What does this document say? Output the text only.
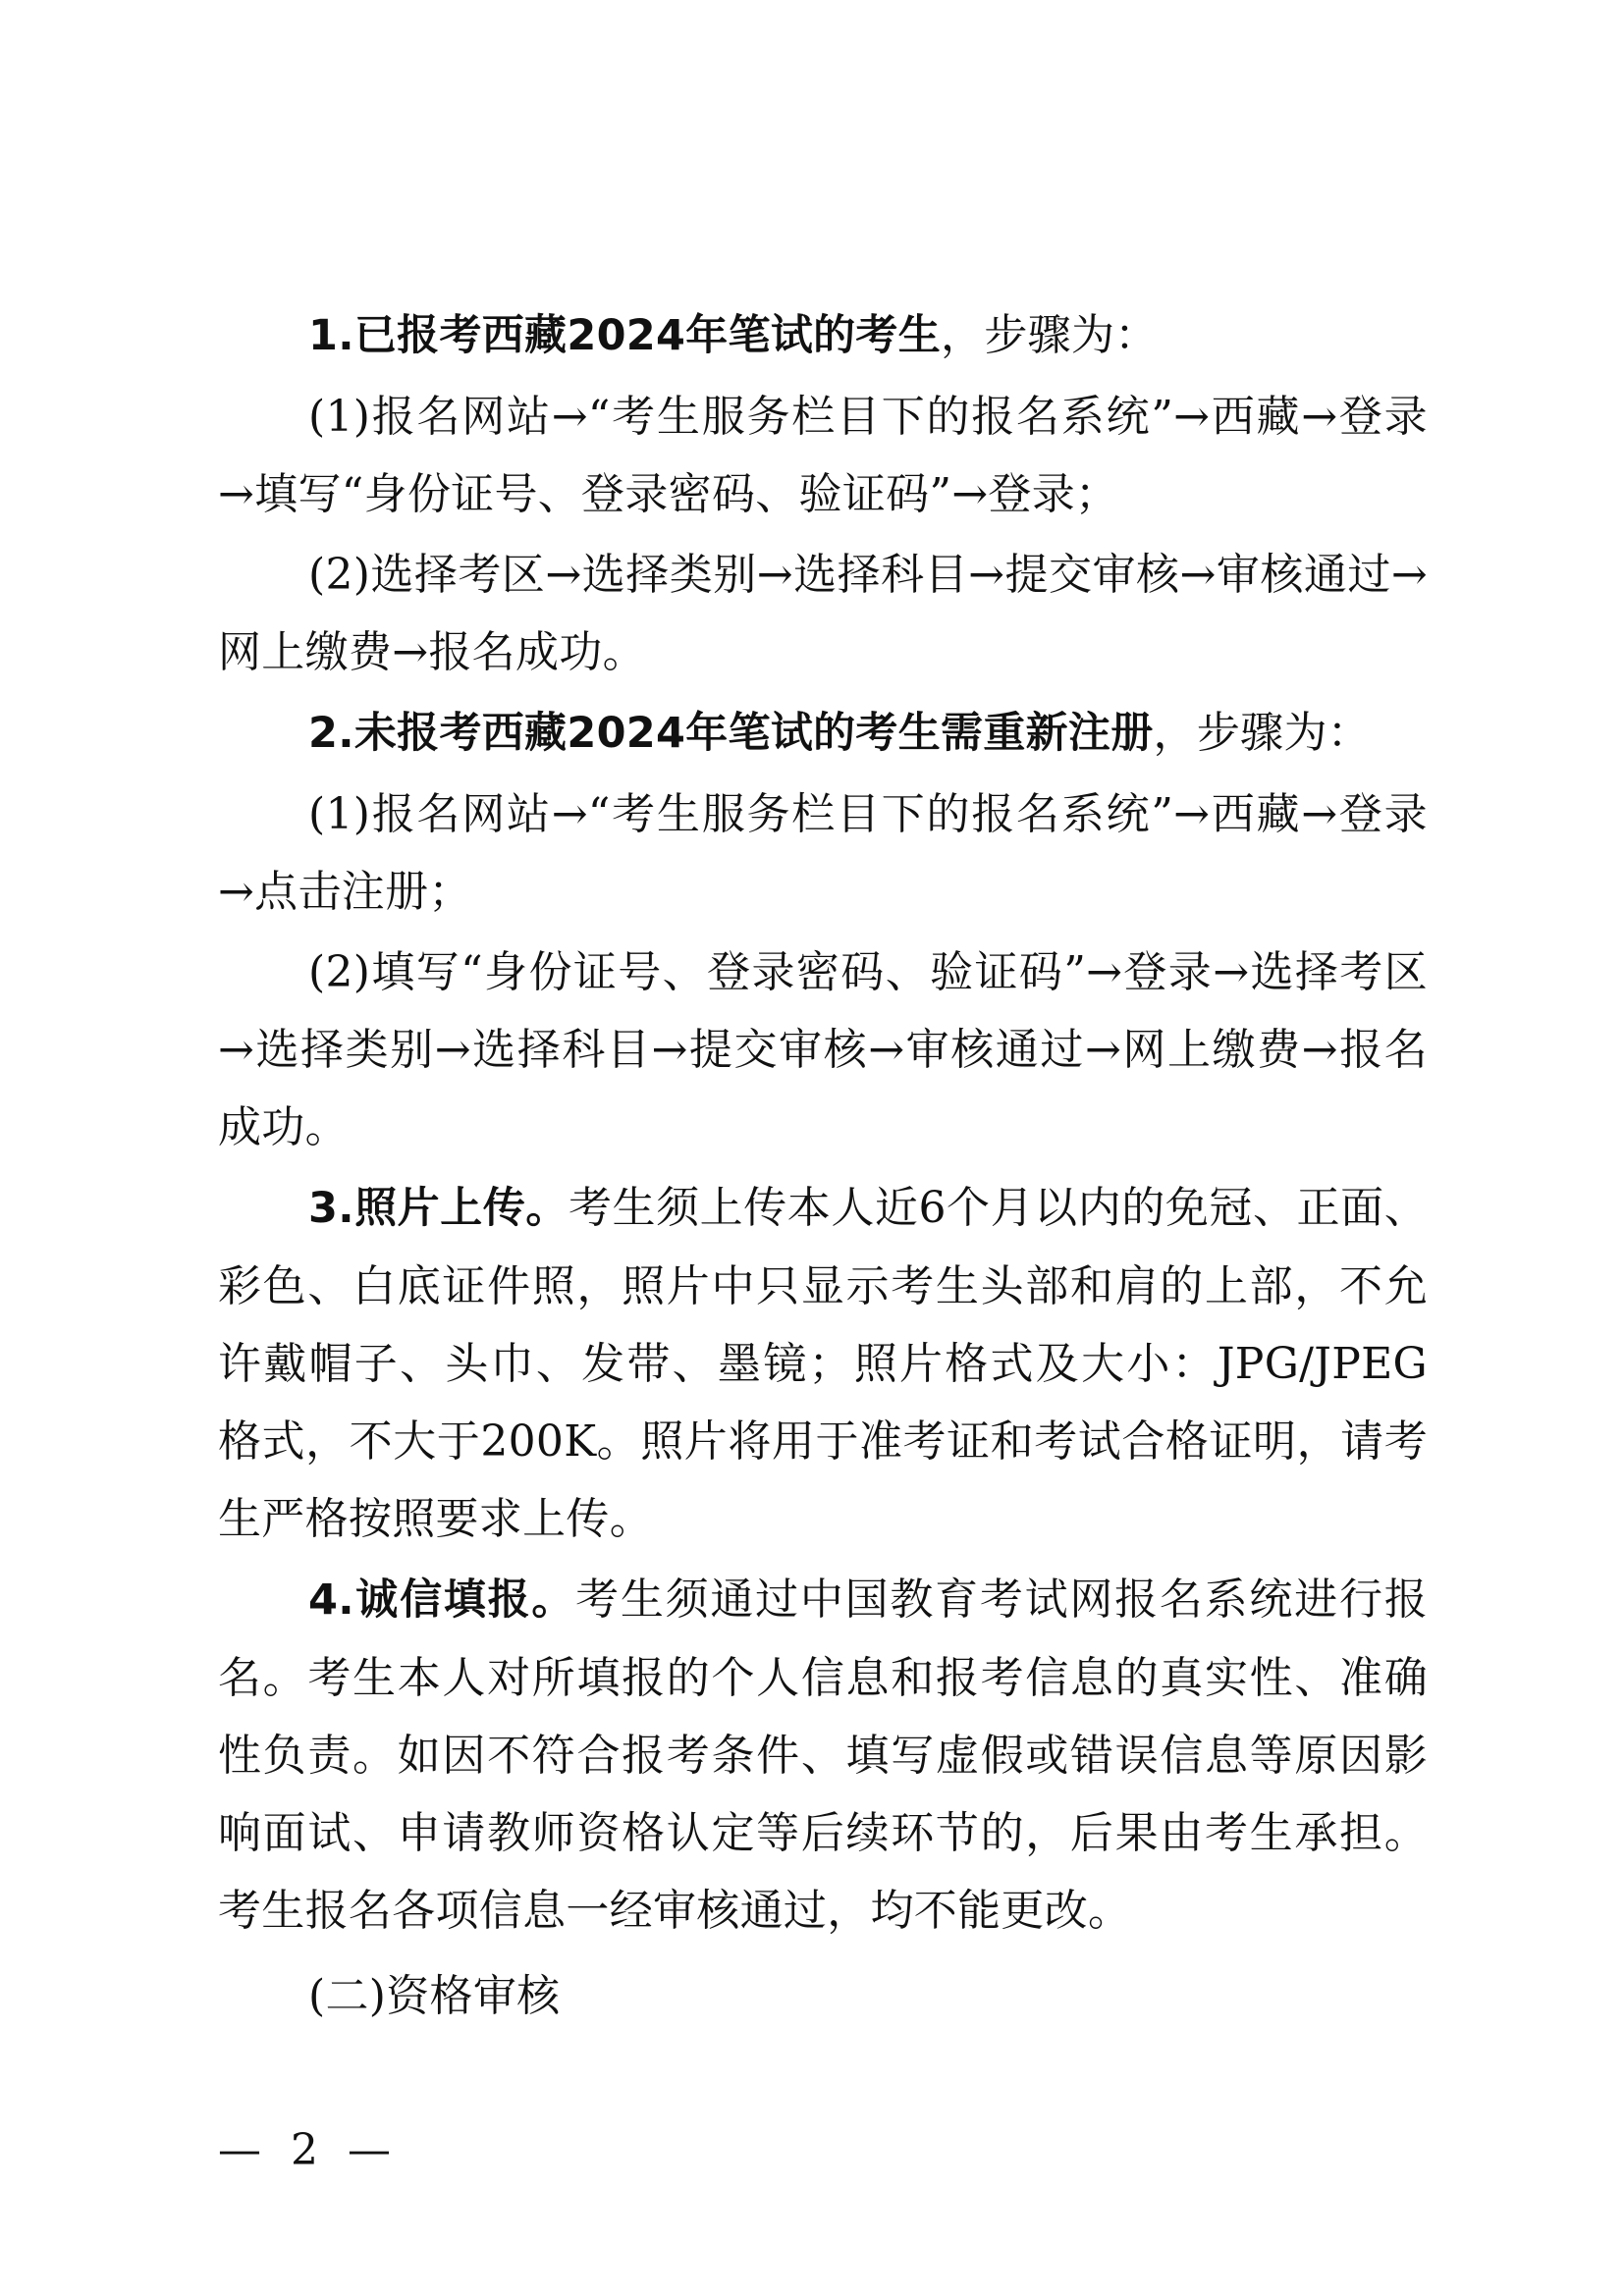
1.已报考西藏2024年笔试的考生，步骤为：

(1)报名网站→“考生服务栏目下的报名系统”→西藏→登录→填写“身份证号、登录密码、验证码”→登录；

(2)选择考区→选择类别→选择科目→提交审核→审核通过→网上缴费→报名成功。

2.未报考西藏2024年笔试的考生需重新注册，步骤为：

(1)报名网站→“考生服务栏目下的报名系统”→西藏→登录→点击注册；

(2)填写“身份证号、登录密码、验证码”→登录→选择考区→选择类别→选择科目→提交审核→审核通过→网上缴费→报名成功。

3.照片上传。考生须上传本人近6个月以内的免冠、正面、彩色、白底证件照，照片中只显示考生头部和肩的上部，不允许戴帽子、头巾、发带、墨镜；照片格式及大小：JPG/JPEG格式，不大于200K。照片将用于准考证和考试合格证明，请考生严格按照要求上传。

4.诚信填报。考生须通过中国教育考试网报名系统进行报名。考生本人对所填报的个人信息和报考信息的真实性、准确性负责。如因不符合报考条件、填写虚假或错误信息等原因影响面试、申请教师资格认定等后续环节的，后果由考生承担。考生报名各项信息一经审核通过，均不能更改。

(二)资格审核

— 2 —
